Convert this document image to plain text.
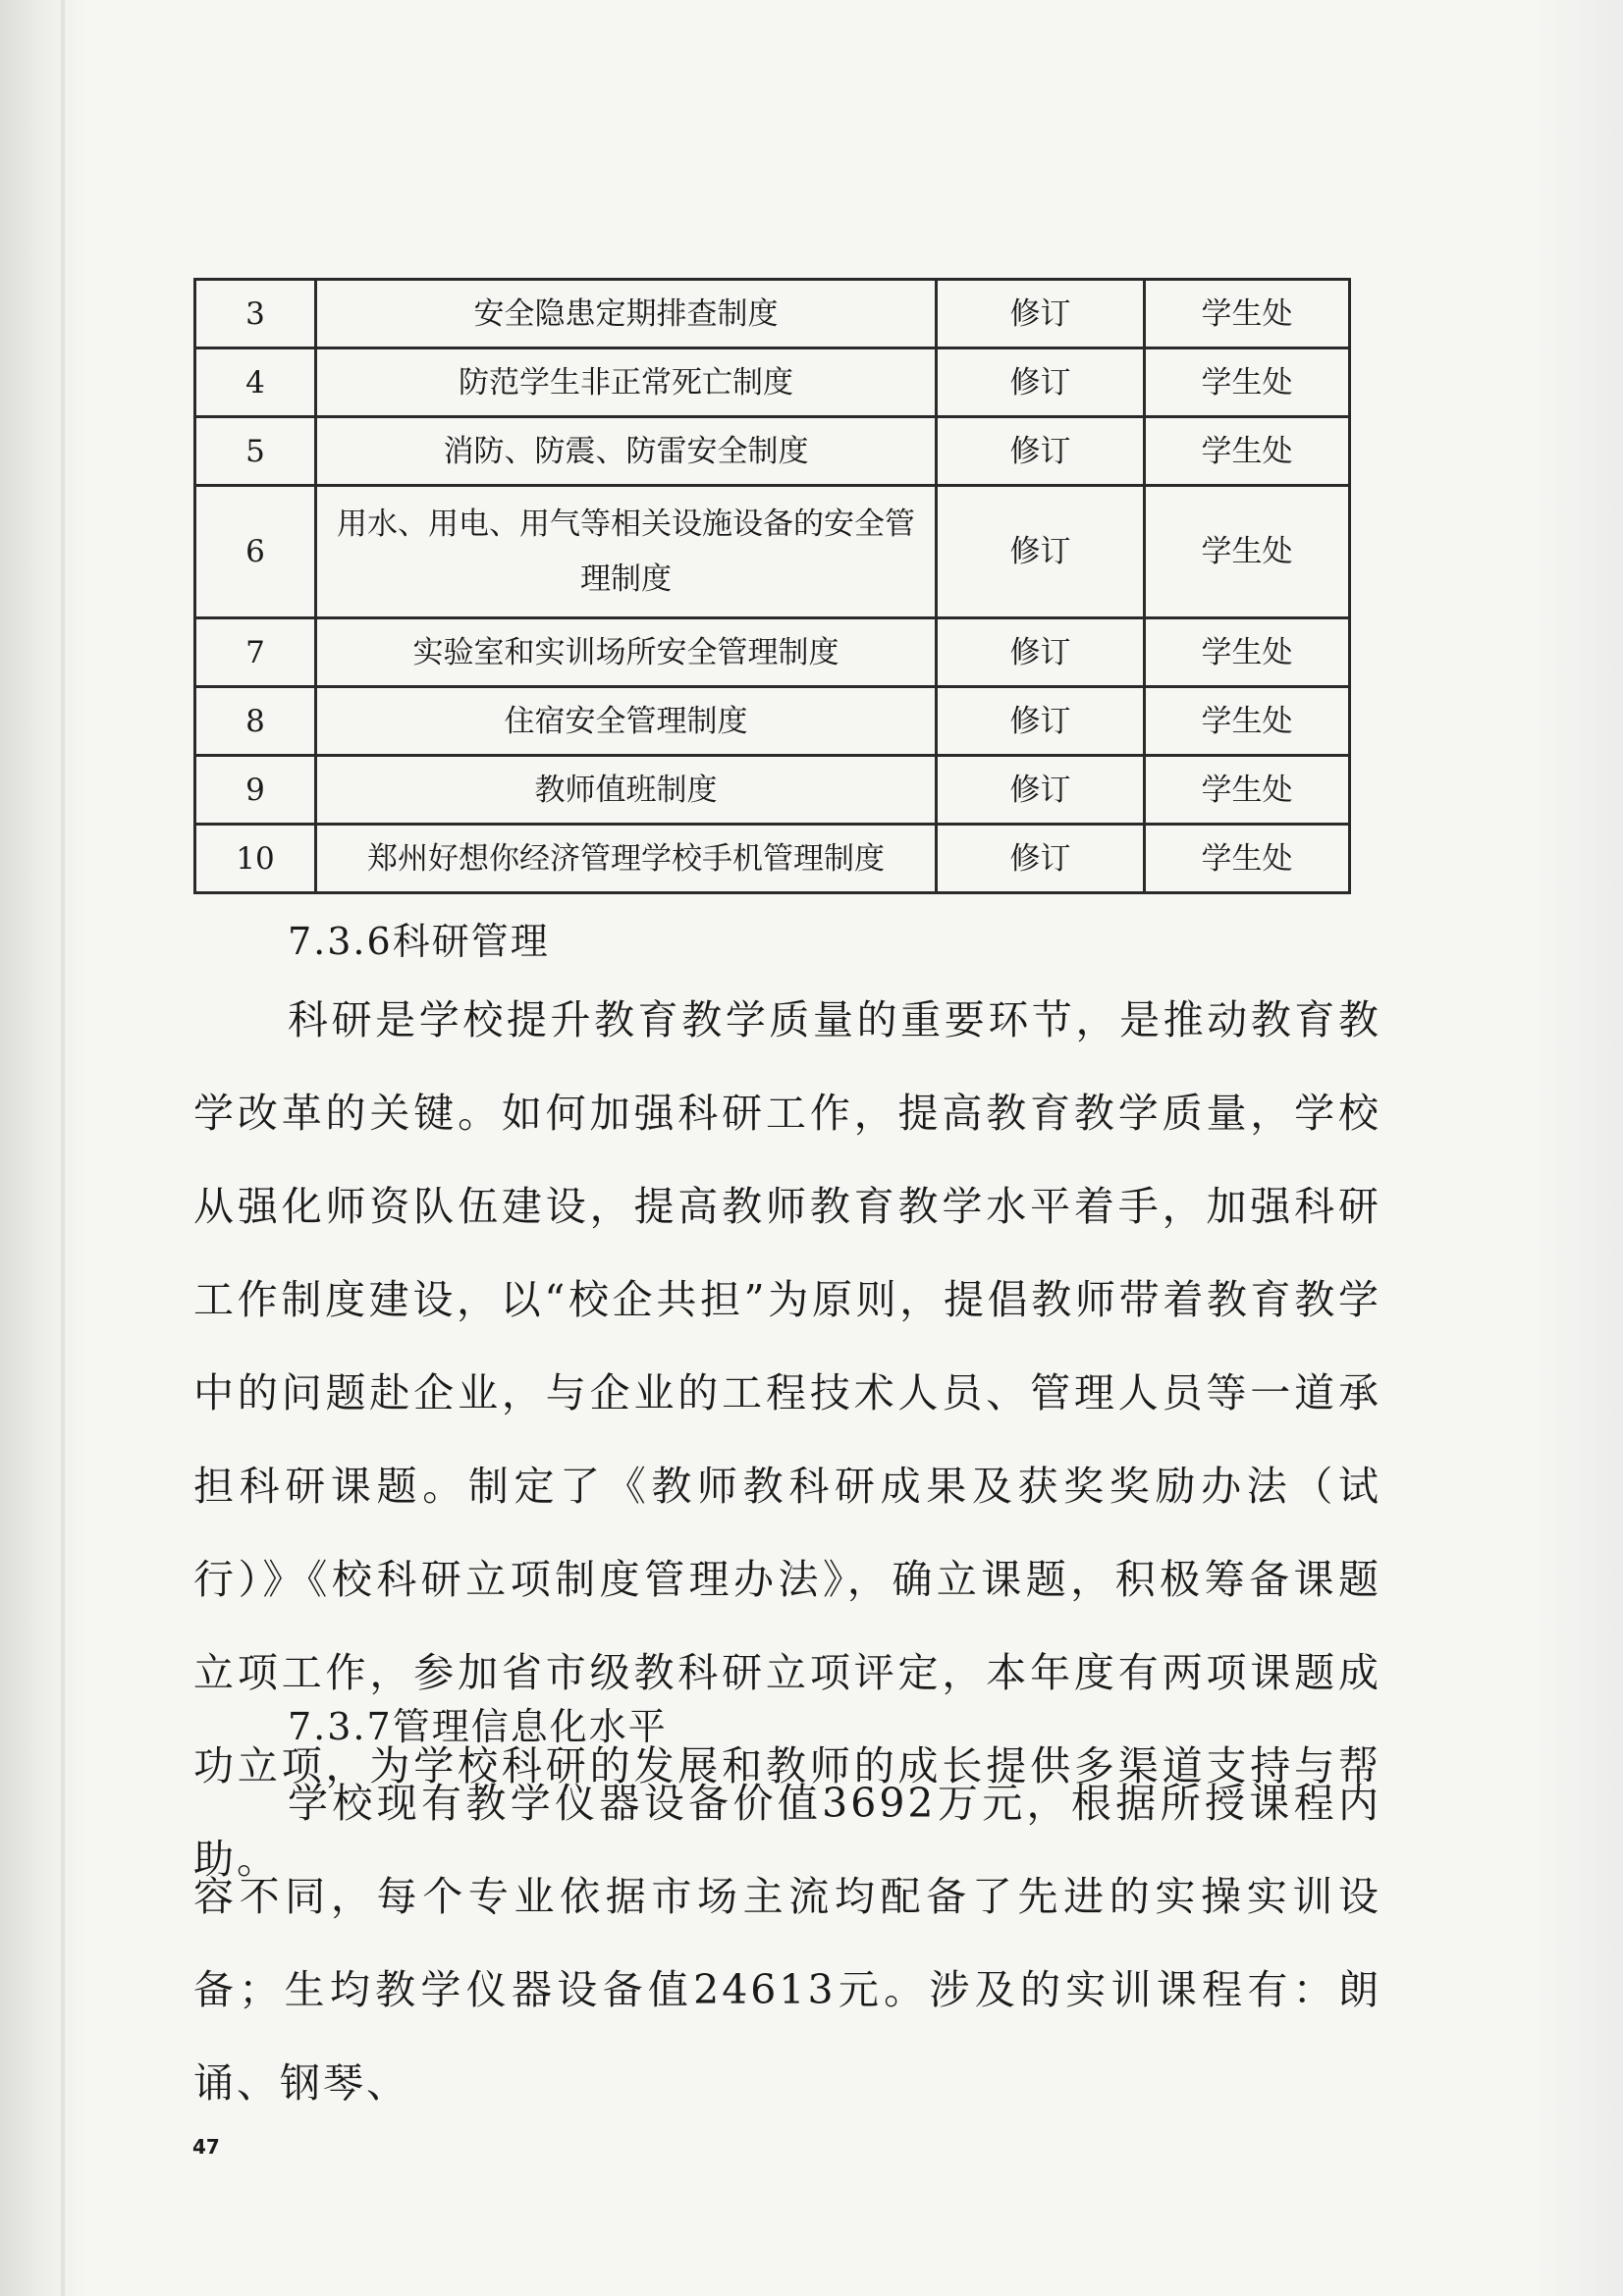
3	安全隐患定期排查制度	修订	学生处
4	防范学生非正常死亡制度	修订	学生处
5	消防、防震、防雷安全制度	修订	学生处
6	用水、用电、用气等相关设施设备的安全管理制度	修订	学生处
7	实验室和实训场所安全管理制度	修订	学生处
8	住宿安全管理制度	修订	学生处
9	教师值班制度	修订	学生处
10	郑州好想你经济管理学校手机管理制度	修订	学生处
7.3.6科研管理
科研是学校提升教育教学质量的重要环节，是推动教育教学改革的关键。如何加强科研工作，提高教育教学质量，学校从强化师资队伍建设，提高教师教育教学水平着手，加强科研工作制度建设，以“校企共担”为原则，提倡教师带着教育教学中的问题赴企业，与企业的工程技术人员、管理人员等一道承担科研课题。制定了《教师教科研成果及获奖奖励办法（试行）》《校科研立项制度管理办法》，确立课题，积极筹备课题立项工作，参加省市级教科研立项评定，本年度有两项课题成功立项，为学校科研的发展和教师的成长提供多渠道支持与帮助。
7.3.7管理信息化水平
学校现有教学仪器设备价值3692万元，根据所授课程内容不同，每个专业依据市场主流均配备了先进的实操实训设备；生均教学仪器设备值24613元。涉及的实训课程有：朗诵、钢琴、
47
